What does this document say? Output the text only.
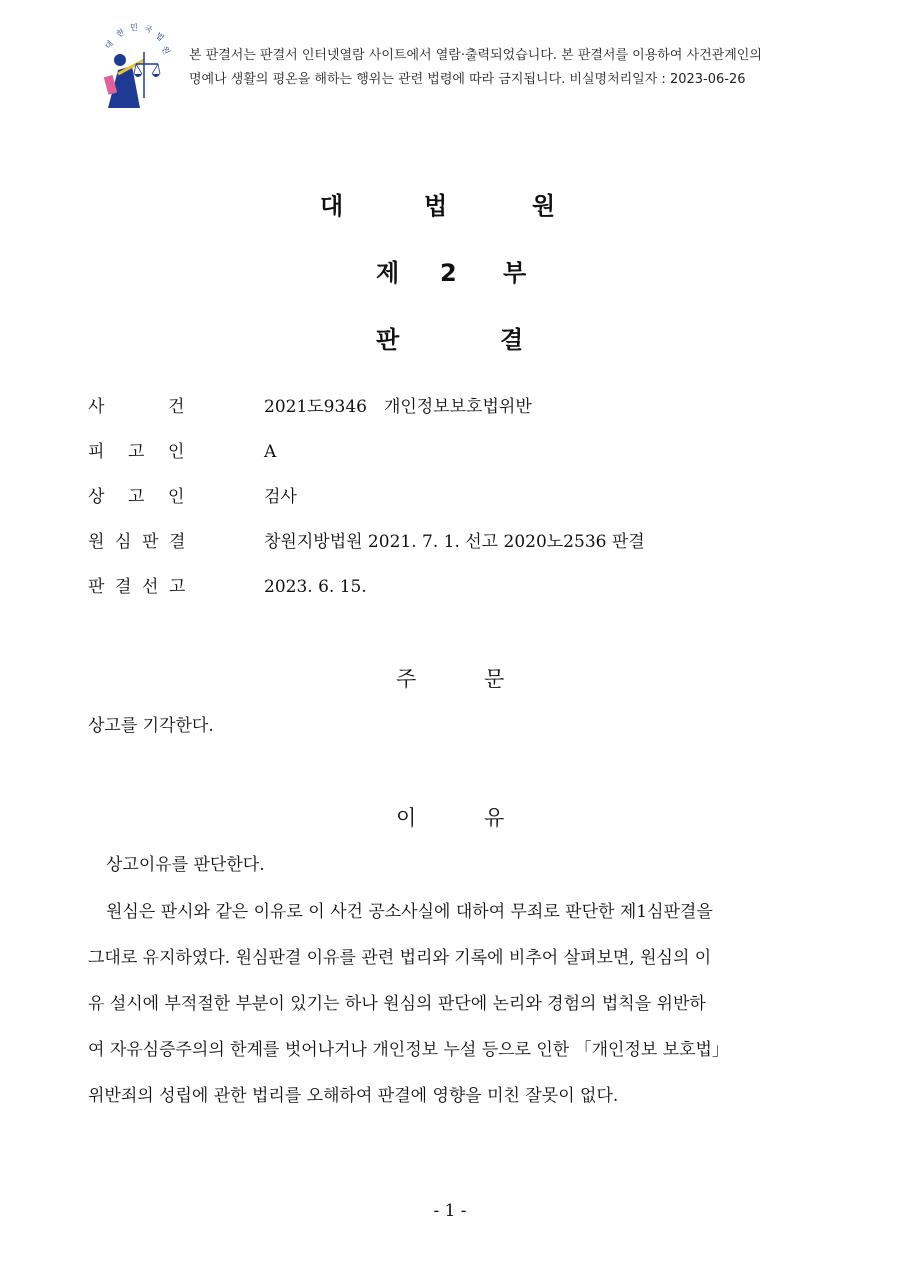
대
한 민 국
법
원 본 판결서는 판결서 인터넷열람 사이트에서 열람·출력되었습니다. 본 판결서를 이용하여 사건관계인의
명예나 생활의 평온을 해하는 행위는 관련 법령에 따라 금지됩니다. 비실명처리일자 : 2023-06-26
대	법	원
제 2 부
판	결
사	건	2021도9346　개인정보보호법위반
피 고 인	A
상 고 인	검사
원 심 판 결	창원지방법원 2021. 7. 1. 선고 2020노2536 판결
판 결 선 고	2023. 6. 15.
주	문
상고를 기각한다.
이	유
상고이유를 판단한다.
원심은 판시와 같은 이유로 이 사건 공소사실에 대하여 무죄로 판단한 제1심판결을
그대로 유지하였다. 원심판결 이유를 관련 법리와 기록에 비추어 살펴보면, 원심의 이
유 설시에 부적절한 부분이 있기는 하나 원심의 판단에 논리와 경험의 법칙을 위반하
여 자유심증주의의 한계를 벗어나거나 개인정보 누설 등으로 인한 「개인정보 보호법」
위반죄의 성립에 관한 법리를 오해하여 판결에 영향을 미친 잘못이 없다.
- 1 -
